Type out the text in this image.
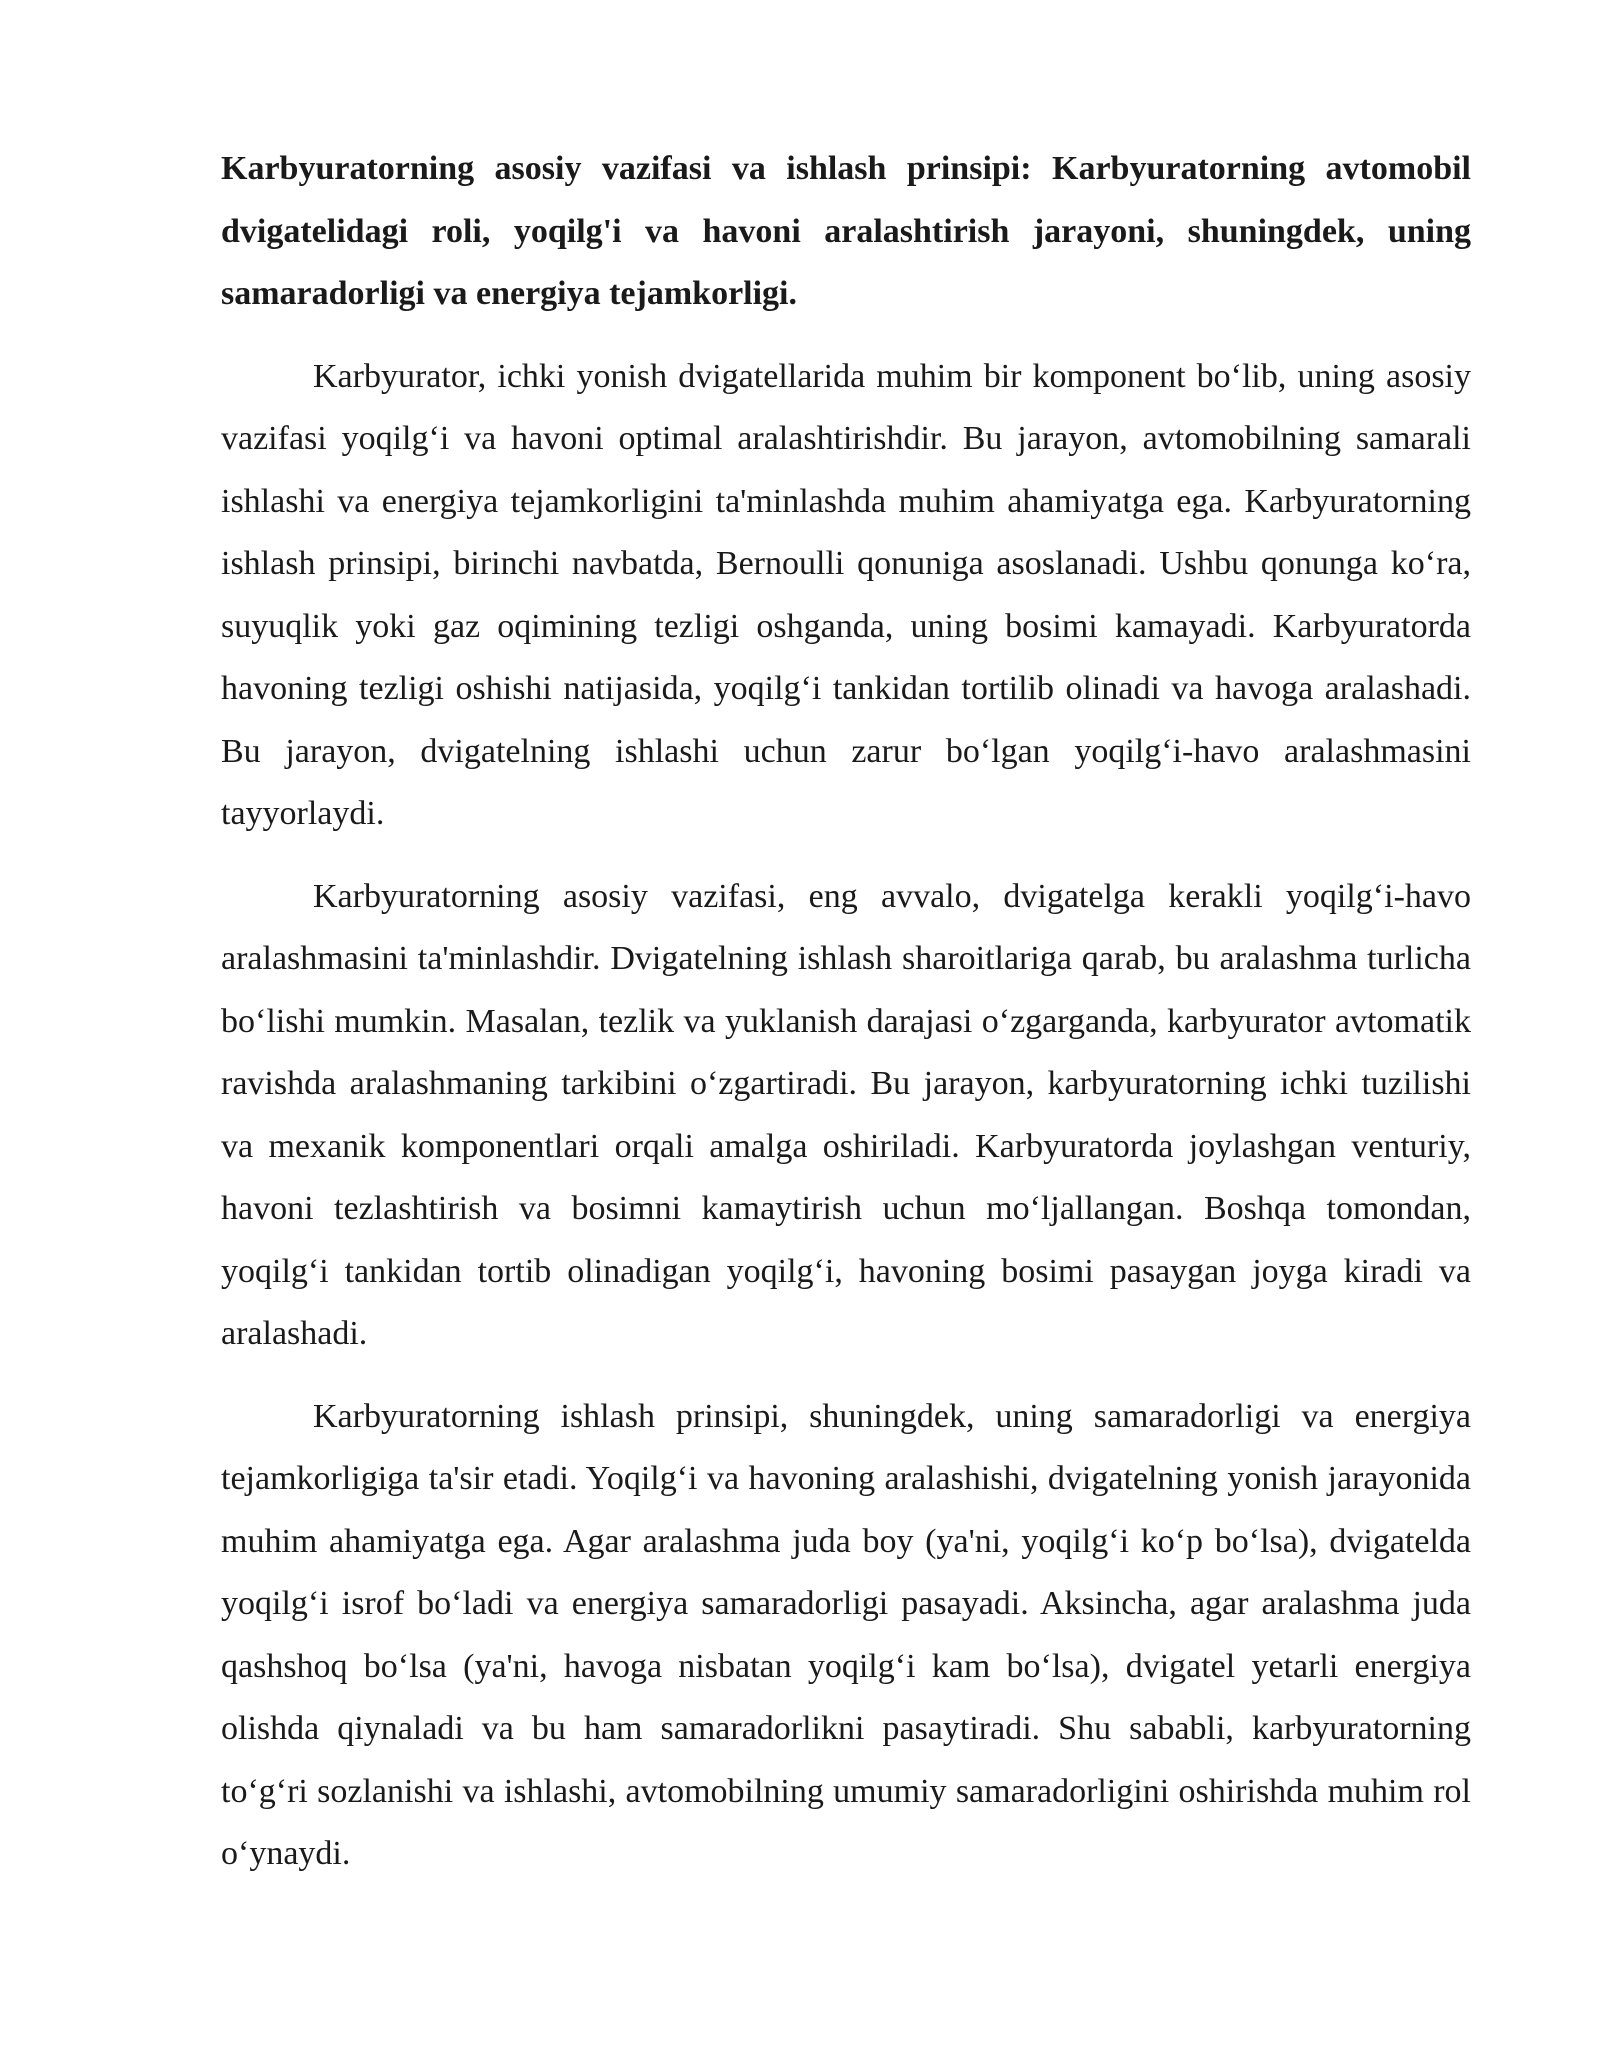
Karbyuratorning asosiy vazifasi va ishlash prinsipi: Karbyuratorning avtomobil dvigatelidagi roli, yoqilg'i va havoni aralashtirish jarayoni, shuningdek, uning samaradorligi va energiya tejamkorligi.

Karbyurator, ichki yonish dvigatellarida muhim bir komponent bo‘lib, uning asosiy vazifasi yoqilg‘i va havoni optimal aralashtirishdir. Bu jarayon, avtomobilning samarali ishlashi va energiya tejamkorligini ta'minlashda muhim ahamiyatga ega. Karbyuratorning ishlash prinsipi, birinchi navbatda, Bernoulli qonuniga asoslanadi. Ushbu qonunga ko‘ra, suyuqlik yoki gaz oqimining tezligi oshganda, uning bosimi kamayadi. Karbyuratorda havoning tezligi oshishi natijasida, yoqilg‘i tankidan tortilib olinadi va havoga aralashadi. Bu jarayon, dvigatelning ishlashi uchun zarur bo‘lgan yoqilg‘i-havo aralashmasini tayyorlaydi.

Karbyuratorning asosiy vazifasi, eng avvalo, dvigatelga kerakli yoqilg‘i-havo aralashmasini ta'minlashdir. Dvigatelning ishlash sharoitlariga qarab, bu aralashma turlicha bo‘lishi mumkin. Masalan, tezlik va yuklanish darajasi o‘zgarganda, karbyurator avtomatik ravishda aralashmaning tarkibini o‘zgartiradi. Bu jarayon, karbyuratorning ichki tuzilishi va mexanik komponentlari orqali amalga oshiriladi. Karbyuratorda joylashgan venturiy, havoni tezlashtirish va bosimni kamaytirish uchun mo‘ljallangan. Boshqa tomondan, yoqilg‘i tankidan tortib olinadigan yoqilg‘i, havoning bosimi pasaygan joyga kiradi va aralashadi.

Karbyuratorning ishlash prinsipi, shuningdek, uning samaradorligi va energiya tejamkorligiga ta'sir etadi. Yoqilg‘i va havoning aralashishi, dvigatelning yonish jarayonida muhim ahamiyatga ega. Agar aralashma juda boy (ya'ni, yoqilg‘i ko‘p bo‘lsa), dvigatelda yoqilg‘i isrof bo‘ladi va energiya samaradorligi pasayadi. Aksincha, agar aralashma juda qashshoq bo‘lsa (ya'ni, havoga nisbatan yoqilg‘i kam bo‘lsa), dvigatel yetarli energiya olishda qiynaladi va bu ham samaradorlikni pasaytiradi. Shu sababli, karbyuratorning to‘g‘ri sozlanishi va ishlashi, avtomobilning umumiy samaradorligini oshirishda muhim rol o‘ynaydi.
